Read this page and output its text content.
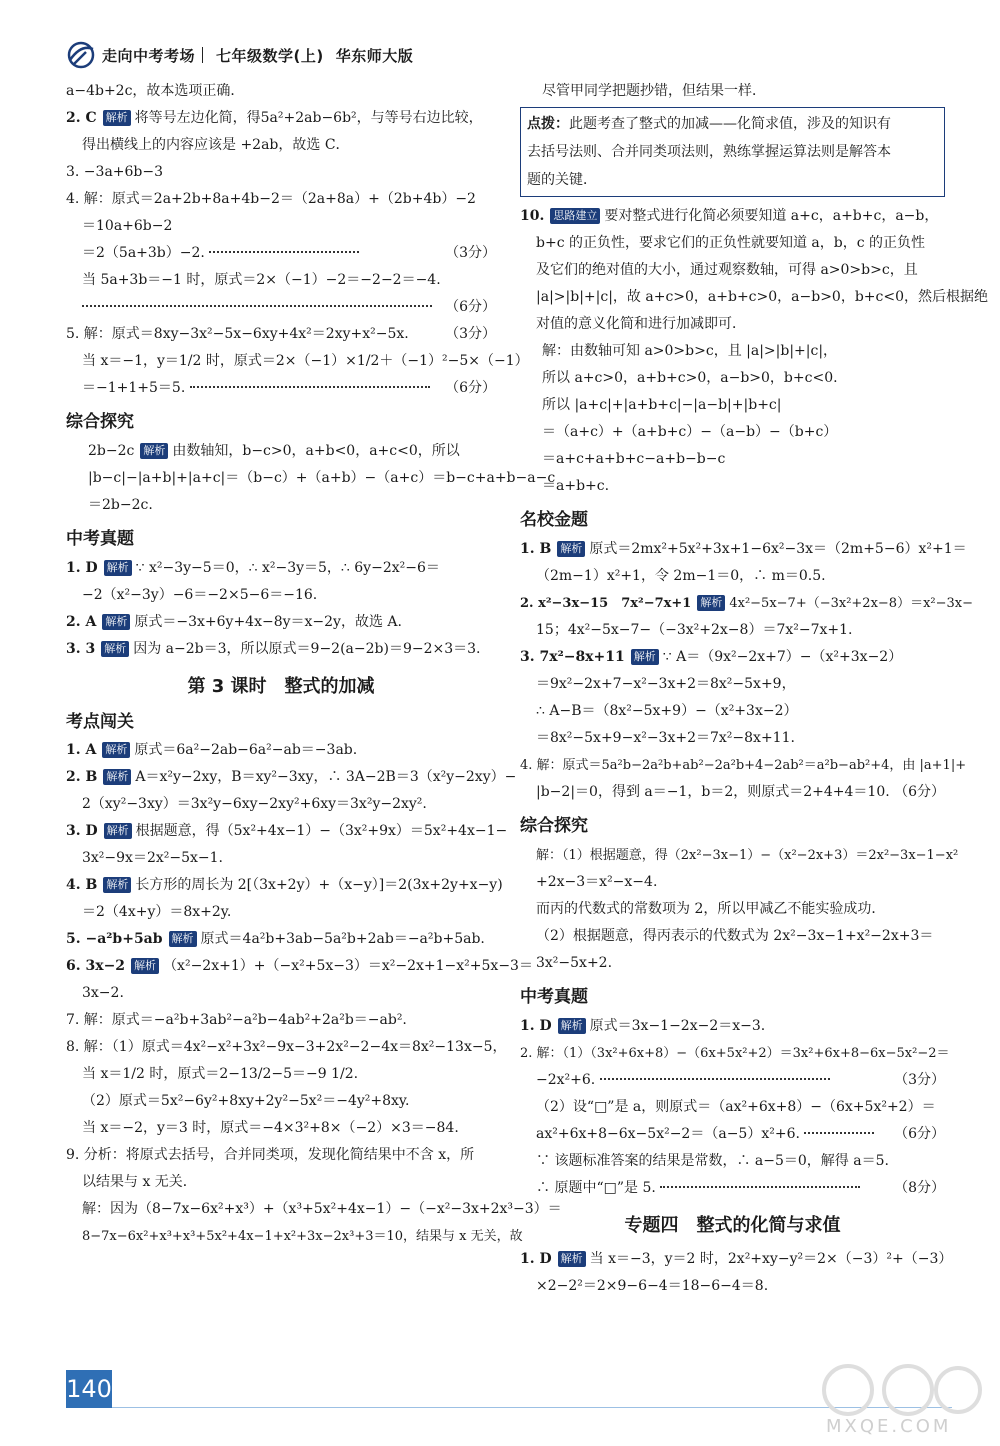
走向中考考场 七年级数学(上) 华东师大版
a−4b+2c，故本选项正确．
2. C 解析 将等号左边化简，得5a²+2ab−6b²，与等号右边比较，
得出横线上的内容应该是 +2ab，故选 C．
3. −3a+6b−3
4. 解：原式＝2a+2b+8a+4b−2＝（2a+8a）+（2b+4b）−2
＝10a+6b−2
＝2（5a+3b）−2.	（3分）
当 5a+3b＝−1 时，原式＝2×（−1）−2＝−2−2＝−4.
（6分）
5. 解：原式＝8xy−3x²−5x−6xy+4x²＝2xy+x²−5x.	（3分）
当 x＝−1，y＝1/2 时，原式＝2×（−1）×1/2＋（−1）²−5×（−1）
＝−1+1+5＝5.	（6分）
综合探究
2b−2c 解析 由数轴知，b−c>0，a+b<0，a+c<0，所以
|b−c|−|a+b|+|a+c|＝（b−c）+（a+b）−（a+c）＝b−c+a+b−a−c
＝2b−2c.
中考真题
1. D 解析 ∵ x²−3y−5＝0，∴ x²−3y＝5，∴ 6y−2x²−6＝
−2（x²−3y）−6＝−2×5−6＝−16.
2. A 解析 原式＝−3x+6y+4x−8y＝x−2y，故选 A.
3. 3 解析 因为 a−2b＝3，所以原式＝9−2(a−2b)＝9−2×3＝3.
第 3 课时　整式的加减
考点闯关
1. A 解析 原式＝6a²−2ab−6a²−ab＝−3ab.
2. B 解析 A＝x²y−2xy，B＝xy²−3xy，∴ 3A−2B＝3（x²y−2xy）−
2（xy²−3xy）＝3x²y−6xy−2xy²+6xy＝3x²y−2xy².
3. D 解析 根据题意，得（5x²+4x−1）−（3x²+9x）＝5x²+4x−1−
3x²−9x＝2x²−5x−1.
4. B 解析 长方形的周长为 2[（3x+2y）+（x−y）]＝2(3x+2y+x−y)
＝2（4x+y）＝8x+2y.
5. −a²b+5ab 解析 原式＝4a²b+3ab−5a²b+2ab＝−a²b+5ab.
6. 3x−2 解析 （x²−2x+1）+（−x²+5x−3）＝x²−2x+1−x²+5x−3＝
3x−2.
7. 解：原式＝−a²b+3ab²−a²b−4ab²+2a²b＝−ab².
8. 解：（1）原式＝4x²−x²+3x²−9x−3+2x²−2−4x＝8x²−13x−5，
当 x＝1/2 时，原式＝2−13/2−5＝−9 1/2.
（2）原式＝5x²−6y²+8xy+2y²−5x²＝−4y²+8xy.
当 x＝−2，y＝3 时，原式＝−4×3²+8×（−2）×3＝−84.
9. 分析：将原式去括号，合并同类项，发现化简结果中不含 x，所
以结果与 x 无关．
解：因为（8−7x−6x²+x³）+（x³+5x²+4x−1）−（−x²−3x+2x³−3）＝
8−7x−6x²+x³+x³+5x²+4x−1+x²+3x−2x³+3＝10，结果与 x 无关，故
尽管甲同学把题抄错，但结果一样．
点拨：此题考查了整式的加减——化简求值，涉及的知识有
去括号法则、合并同类项法则，熟练掌握运算法则是解答本
题的关键．
10. 思路建立 要对整式进行化简必须要知道 a+c，a+b+c，a−b，
b+c 的正负性，要求它们的正负性就要知道 a，b，c 的正负性
及它们的绝对值的大小，通过观察数轴，可得 a>0>b>c，且
|a|>|b|+|c|，故 a+c>0，a+b+c>0，a−b>0，b+c<0，然后根据绝
对值的意义化简和进行加减即可．
解：由数轴可知 a>0>b>c，且 |a|>|b|+|c|，
所以 a+c>0，a+b+c>0，a−b>0，b+c<0.
所以 |a+c|+|a+b+c|−|a−b|+|b+c|
＝（a+c）+（a+b+c）−（a−b）−（b+c）
＝a+c+a+b+c−a+b−b−c
＝a+b+c.
名校金题
1. B 解析 原式＝2mx²+5x²+3x+1−6x²−3x＝（2m+5−6）x²+1＝
（2m−1）x²+1，令 2m−1＝0，∴ m＝0.5.
2. x²−3x−15　7x²−7x+1 解析 4x²−5x−7+（−3x²+2x−8）＝x²−3x−
15；4x²−5x−7−（−3x²+2x−8）＝7x²−7x+1.
3. 7x²−8x+11 解析 ∵ A＝（9x²−2x+7）−（x²+3x−2）
＝9x²−2x+7−x²−3x+2＝8x²−5x+9，
∴ A−B＝（8x²−5x+9）−（x²+3x−2）
＝8x²−5x+9−x²−3x+2＝7x²−8x+11.
4. 解：原式＝5a²b−2a²b+ab²−2a²b+4−2ab²＝a²b−ab²+4，由 |a+1|+
|b−2|＝0，得到 a＝−1，b＝2，则原式＝2+4+4＝10. （6分）
综合探究
解：（1）根据题意，得（2x²−3x−1）−（x²−2x+3）＝2x²−3x−1−x²
+2x−3＝x²−x−4.
而丙的代数式的常数项为 2，所以甲减乙不能实验成功．
（2）根据题意，得丙表示的代数式为 2x²−3x−1+x²−2x+3＝
3x²−5x+2.
中考真题
1. D 解析 原式＝3x−1−2x−2＝x−3.
2. 解：（1）（3x²+6x+8）−（6x+5x²+2）＝3x²+6x+8−6x−5x²−2＝
−2x²+6.	（3分）
（2）设“□”是 a，则原式＝（ax²+6x+8）−（6x+5x²+2）＝
ax²+6x+8−6x−5x²−2＝（a−5）x²+6.	（6分）
∵ 该题标准答案的结果是常数，∴ a−5＝0，解得 a＝5.
∴ 原题中“□”是 5.	（8分）
专题四　整式的化简与求值
1. D 解析 当 x＝−3，y＝2 时，2x²+xy−y²＝2×（−3）²+（−3）
×2−2²＝2×9−6−4＝18−6−4＝8.
140
MXQE.COM
